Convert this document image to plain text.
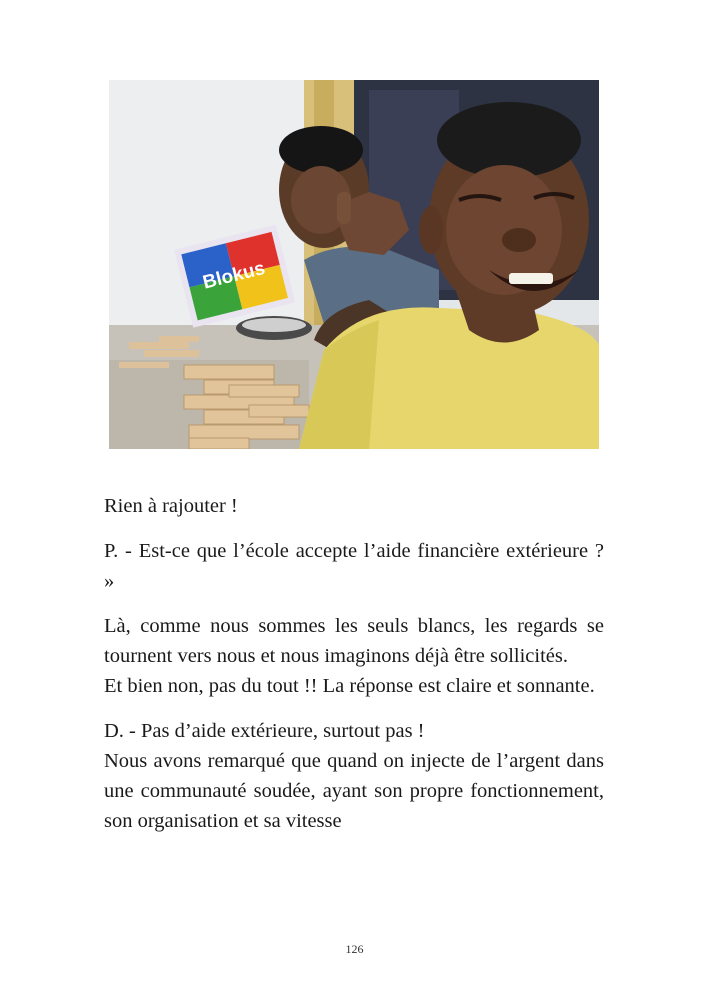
Blokus

Rien à rajouter !

P. - Est-ce que l’école accepte l’aide financière extérieure ? »

Là, comme nous sommes les seuls blancs, les regards se tournent vers nous et nous imaginons déjà être sollicités.

Et bien non, pas du tout !! La réponse est claire et sonnante.

D. - Pas d’aide extérieure, surtout pas !

Nous avons remarqué que quand on injecte de l’argent dans une communauté soudée, ayant son propre fonctionnement, son organisation et sa vitesse

126
